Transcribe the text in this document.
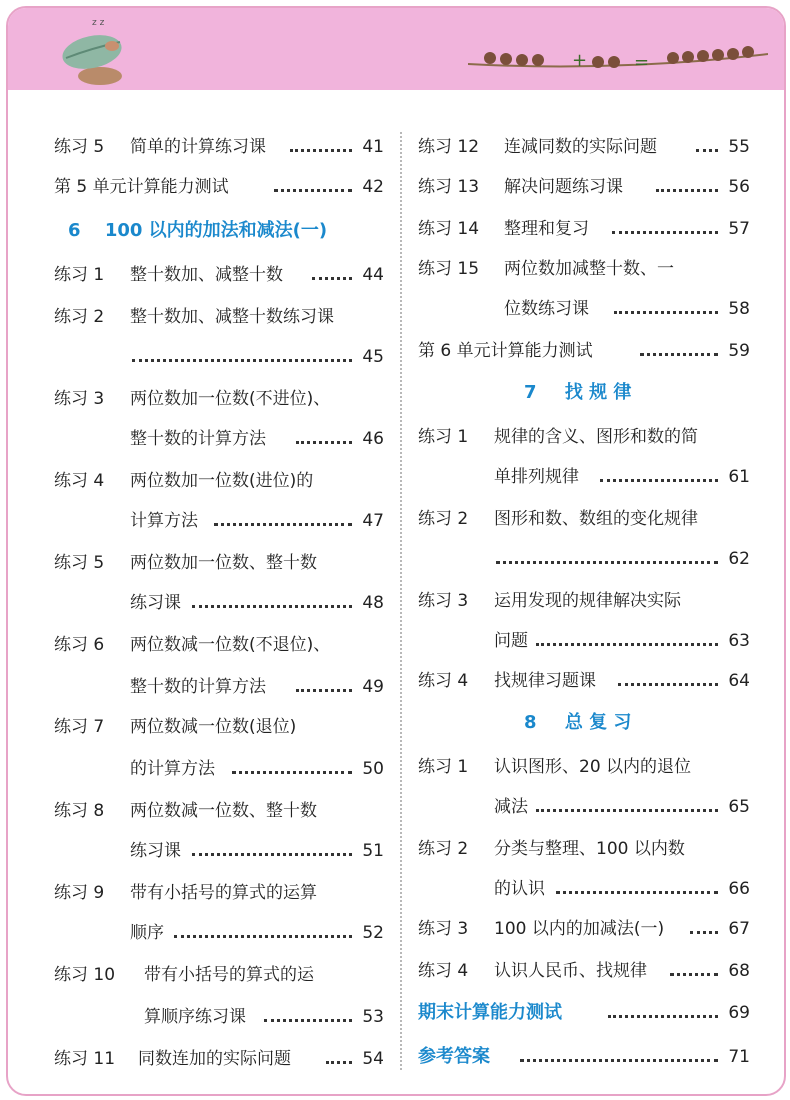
z z
+	=
练习 5 简单的计算练习课	41
第 5 单元计算能力测试	42
6 100 以内的加法和减法(一)
练习 1 整十数加、减整十数	44
练习 2 整十数加、减整十数练习课
45
练习 3 两位数加一位数(不进位)、
整十数的计算方法	46
练习 4 两位数加一位数(进位)的
计算方法	47
练习 5 两位数加一位数、整十数
练习课	48
练习 6 两位数减一位数(不退位)、
整十数的计算方法	49
练习 7 两位数减一位数(退位)
的计算方法	50
练习 8 两位数减一位数、整十数
练习课	51
练习 9 带有小括号的算式的运算
顺序	52
练习 10 带有小括号的算式的运
算顺序练习课	53
练习 11 同数连加的实际问题	54
练习 12 连减同数的实际问题	55
练习 13 解决问题练习课	56
练习 14 整理和复习	57
练习 15 两位数加减整十数、一
位数练习课	58
第 6 单元计算能力测试	59
7 找 规 律
练习 1 规律的含义、图形和数的简
单排列规律	61
练习 2 图形和数、数组的变化规律
62
练习 3 运用发现的规律解决实际
问题	63
练习 4 找规律习题课	64
8 总 复 习
练习 1 认识图形、20 以内的退位
减法	65
练习 2 分类与整理、100 以内数
的认识	66
练习 3 100 以内的加减法(一)	67
练习 4 认识人民币、找规律	68
期末计算能力测试	69
参考答案	71
